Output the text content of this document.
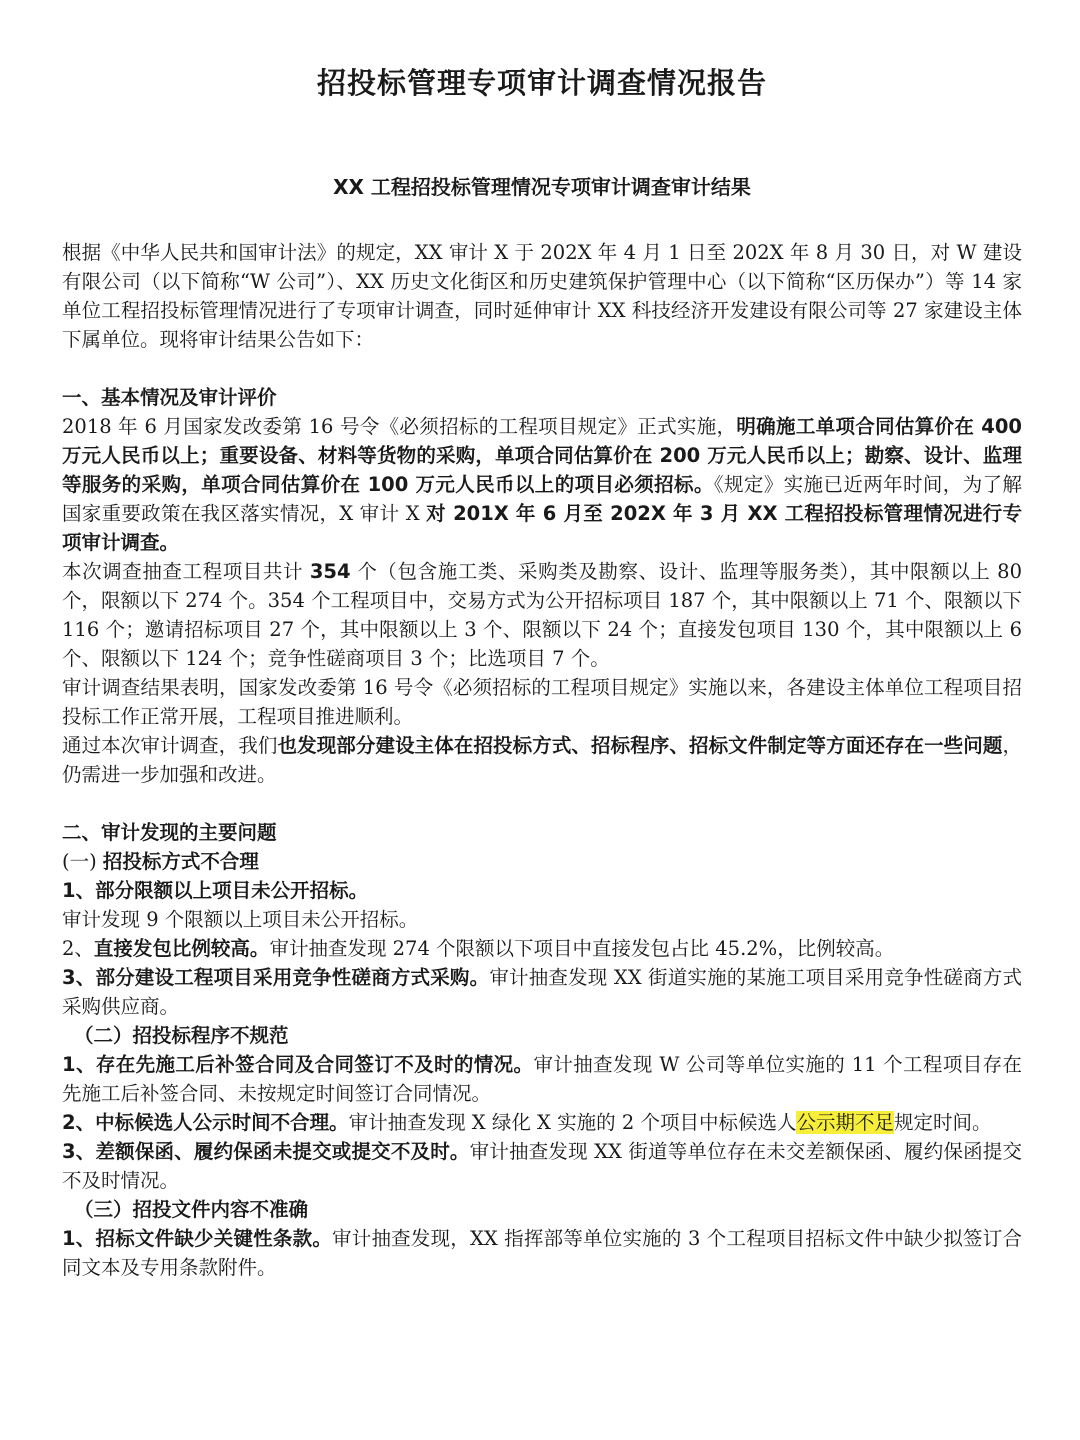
招投标管理专项审计调查情况报告
XX 工程招投标管理情况专项审计调查审计结果

根据《中华人民共和国审计法》的规定，XX 审计 X 于 202X 年 4 月 1 日至 202X 年 8 月 30 日，对 W 建设有限公司（以下简称“W 公司”）、XX 历史文化街区和历史建筑保护管理中心（以下简称“区历保办”）等 14 家单位工程招投标管理情况进行了专项审计调查，同时延伸审计 XX 科技经济开发建设有限公司等 27 家建设主体下属单位。现将审计结果公告如下：

一、基本情况及审计评价

2018 年 6 月国家发改委第 16 号令《必须招标的工程项目规定》正式实施，明确施工单项合同估算价在 400 万元人民币以上；重要设备、材料等货物的采购，单项合同估算价在 200 万元人民币以上；勘察、设计、监理等服务的采购，单项合同估算价在 100 万元人民币以上的项目必须招标。《规定》实施已近两年时间，为了解国家重要政策在我区落实情况，X 审计 X 对 201X 年 6 月至 202X 年 3 月 XX 工程招投标管理情况进行专项审计调查。

本次调查抽查工程项目共计 354 个（包含施工类、采购类及勘察、设计、监理等服务类），其中限额以上 80 个，限额以下 274 个。354 个工程项目中，交易方式为公开招标项目 187 个，其中限额以上 71 个、限额以下 116 个；邀请招标项目 27 个，其中限额以上 3 个、限额以下 24 个；直接发包项目 130 个，其中限额以上 6 个、限额以下 124 个；竞争性磋商项目 3 个；比选项目 7 个。

审计调查结果表明，国家发改委第 16 号令《必须招标的工程项目规定》实施以来，各建设主体单位工程项目招投标工作正常开展，工程项目推进顺利。

通过本次审计调查，我们也发现部分建设主体在招投标方式、招标程序、招标文件制定等方面还存在一些问题，仍需进一步加强和改进。

二、审计发现的主要问题

(一) 招投标方式不合理

1、部分限额以上项目未公开招标。

审计发现 9 个限额以上项目未公开招标。

2、直接发包比例较高。审计抽查发现 274 个限额以下项目中直接发包占比 45.2%，比例较高。

3、部分建设工程项目采用竞争性磋商方式采购。审计抽查发现 XX 街道实施的某施工项目采用竞争性磋商方式采购供应商。

（二）招投标程序不规范

1、存在先施工后补签合同及合同签订不及时的情况。审计抽查发现 W 公司等单位实施的 11 个工程项目存在先施工后补签合同、未按规定时间签订合同情况。

2、中标候选人公示时间不合理。审计抽查发现 X 绿化 X 实施的 2 个项目中标候选人公示期不足规定时间。

3、差额保函、履约保函未提交或提交不及时。审计抽查发现 XX 街道等单位存在未交差额保函、履约保函提交不及时情况。

（三）招投文件内容不准确

1、招标文件缺少关键性条款。审计抽查发现，XX 指挥部等单位实施的 3 个工程项目招标文件中缺少拟签订合同文本及专用条款附件。
